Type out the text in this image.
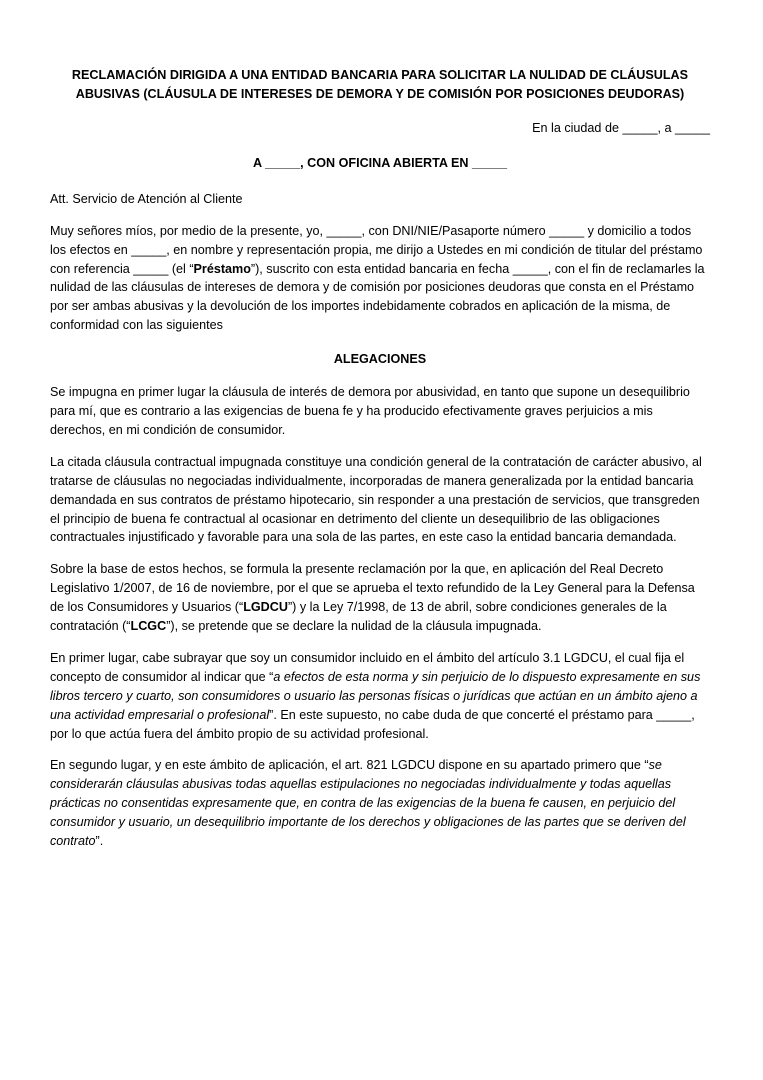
RECLAMACIÓN DIRIGIDA A UNA ENTIDAD BANCARIA PARA SOLICITAR LA NULIDAD DE CLÁUSULAS ABUSIVAS (CLÁUSULA DE INTERESES DE DEMORA Y DE COMISIÓN POR POSICIONES DEUDORAS)
En la ciudad de _____, a _____
A _____, CON OFICINA ABIERTA EN _____

Att. Servicio de Atención al Cliente

Muy señores míos, por medio de la presente, yo, _____, con DNI/NIE/Pasaporte número _____ y domicilio a todos los efectos en _____, en nombre y representación propia, me dirijo a Ustedes en mi condición de titular del préstamo con referencia _____ (el “Préstamo”), suscrito con esta entidad bancaria en fecha _____, con el fin de reclamarles la nulidad de las cláusulas de intereses de demora y de comisión por posiciones deudoras que consta en el Préstamo por ser ambas abusivas y la devolución de los importes indebidamente cobrados en aplicación de la misma, de conformidad con las siguientes

ALEGACIONES

Se impugna en primer lugar la cláusula de interés de demora por abusividad, en tanto que supone un desequilibrio para mí, que es contrario a las exigencias de buena fe y ha producido efectivamente graves perjuicios a mis derechos, en mi condición de consumidor.

La citada cláusula contractual impugnada constituye una condición general de la contratación de carácter abusivo, al tratarse de cláusulas no negociadas individualmente, incorporadas de manera generalizada por la entidad bancaria demandada en sus contratos de préstamo hipotecario, sin responder a una prestación de servicios, que transgreden el principio de buena fe contractual al ocasionar en detrimento del cliente un desequilibrio de las obligaciones contractuales injustificado y favorable para una sola de las partes, en este caso la entidad bancaria demandada.

Sobre la base de estos hechos, se formula la presente reclamación por la que, en aplicación del Real Decreto Legislativo 1/2007, de 16 de noviembre, por el que se aprueba el texto refundido de la Ley General para la Defensa de los Consumidores y Usuarios (“LGDCU”) y la Ley 7/1998, de 13 de abril, sobre condiciones generales de la contratación (“LCGC”), se pretende que se declare la nulidad de la cláusula impugnada.

En primer lugar, cabe subrayar que soy un consumidor incluido en el ámbito del artículo 3.1 LGDCU, el cual fija el concepto de consumidor al indicar que “a efectos de esta norma y sin perjuicio de lo dispuesto expresamente en sus libros tercero y cuarto, son consumidores o usuario las personas físicas o jurídicas que actúan en un ámbito ajeno a una actividad empresarial o profesional”. En este supuesto, no cabe duda de que concerté el préstamo para _____, por lo que actúa fuera del ámbito propio de su actividad profesional.

En segundo lugar, y en este ámbito de aplicación, el art. 821 LGDCU dispone en su apartado primero que “se considerarán cláusulas abusivas todas aquellas estipulaciones no negociadas individualmente y todas aquellas prácticas no consentidas expresamente que, en contra de las exigencias de la buena fe causen, en perjuicio del consumidor y usuario, un desequilibrio importante de los derechos y obligaciones de las partes que se deriven del contrato”.
